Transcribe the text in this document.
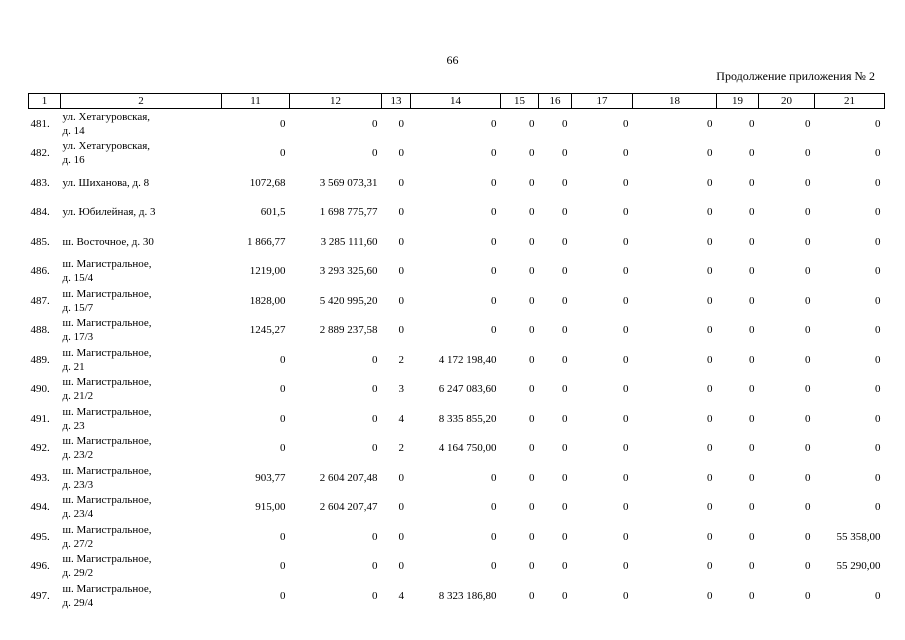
66
Продолжение приложения № 2
1	2	11	12	13	14	15	16	17	18	19	20	21
481.	ул. Хетагуровская,
д. 14	0	0	0	0	0	0	0	0	0	0	0
482.	ул. Хетагуровская,
д. 16	0	0	0	0	0	0	0	0	0	0	0
483.	ул. Шиханова, д. 8	1072,68	3 569 073,31	0	0	0	0	0	0	0	0	0
484.	ул. Юбилейная, д. 3	601,5	1 698 775,77	0	0	0	0	0	0	0	0	0
485.	ш. Восточное, д. 30	1 866,77	3 285 111,60	0	0	0	0	0	0	0	0	0
486.	ш. Магистральное,
д. 15/4	1219,00	3 293 325,60	0	0	0	0	0	0	0	0	0
487.	ш. Магистральное,
д. 15/7	1828,00	5 420 995,20	0	0	0	0	0	0	0	0	0
488.	ш. Магистральное,
д. 17/3	1245,27	2 889 237,58	0	0	0	0	0	0	0	0	0
489.	ш. Магистральное,
д. 21	0	0	2	4 172 198,40	0	0	0	0	0	0	0
490.	ш. Магистральное,
д. 21/2	0	0	3	6 247 083,60	0	0	0	0	0	0	0
491.	ш. Магистральное,
д. 23	0	0	4	8 335 855,20	0	0	0	0	0	0	0
492.	ш. Магистральное,
д. 23/2	0	0	2	4 164 750,00	0	0	0	0	0	0	0
493.	ш. Магистральное,
д. 23/3	903,77	2 604 207,48	0	0	0	0	0	0	0	0	0
494.	ш. Магистральное,
д. 23/4	915,00	2 604 207,47	0	0	0	0	0	0	0	0	0
495.	ш. Магистральное,
д. 27/2	0	0	0	0	0	0	0	0	0	0	55 358,00
496.	ш. Магистральное,
д. 29/2	0	0	0	0	0	0	0	0	0	0	55 290,00
497.	ш. Магистральное,
д. 29/4	0	0	4	8 323 186,80	0	0	0	0	0	0	0
